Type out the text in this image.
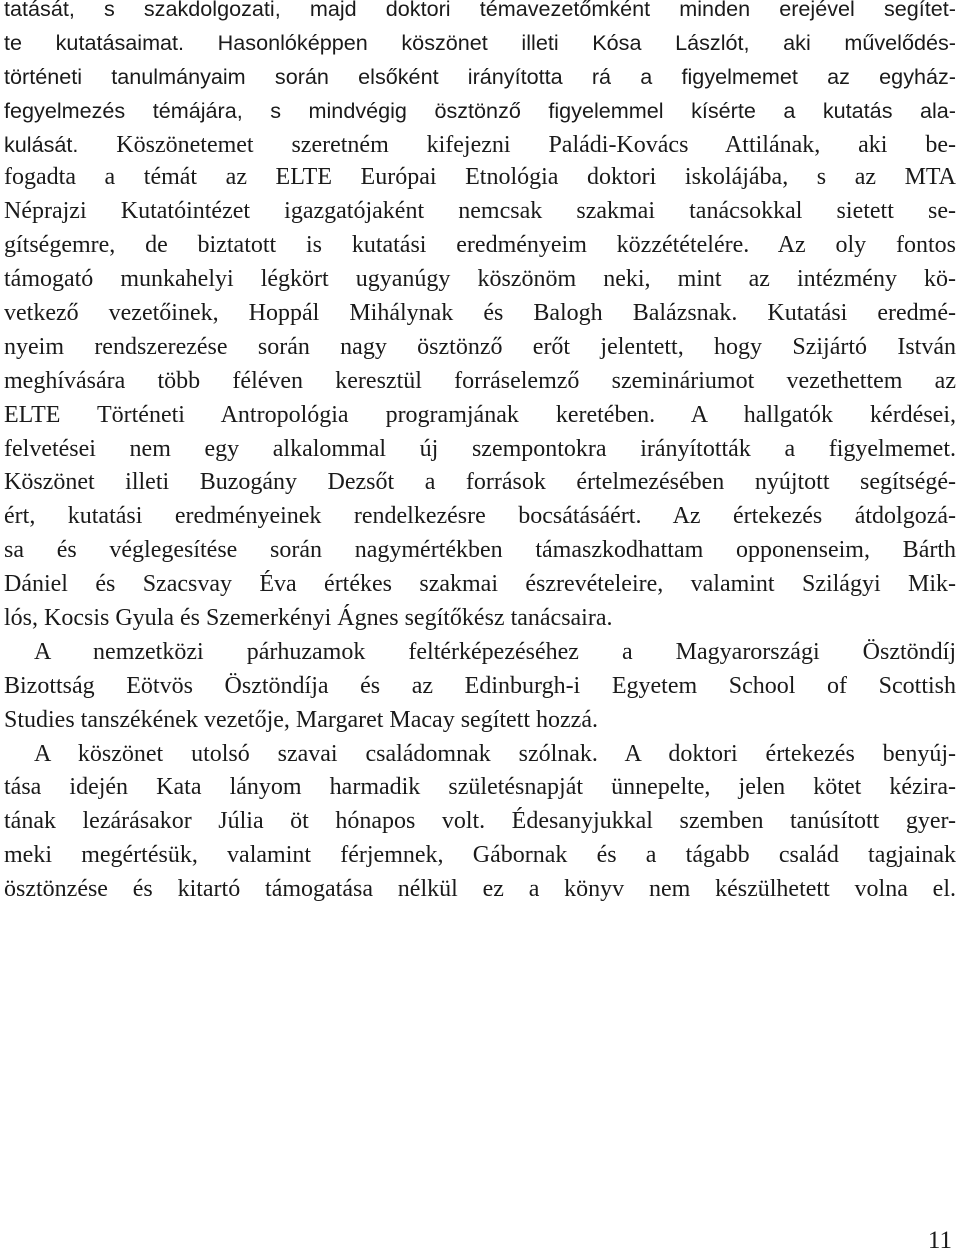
tatását, s szakdolgozati, majd doktori témavezetőmként minden erejével segítet-
te kutatásaimat. Hasonlóképpen köszönet illeti Kósa Lászlót, aki művelődés-
történeti tanulmányaim során elsőként irányította rá a figyelmemet az egyház-
fegyelmezés témájára, s mindvégig ösztönző figyelemmel kísérte a kutatás ala-
kulását. Köszönetemet szeretném kifejezni Paládi-Kovács Attilának, aki be-
fogadta a témát az ELTE Európai Etnológia doktori iskolájába, s az MTA
Néprajzi Kutatóintézet igazgatójaként nemcsak szakmai tanácsokkal sietett se-
gítségemre, de biztatott is kutatási eredményeim közzétételére. Az oly fontos
támogató munkahelyi légkört ugyanúgy köszönöm neki, mint az intézmény kö-
vetkező vezetőinek, Hoppál Mihálynak és Balogh Balázsnak. Kutatási eredmé-
nyeim rendszerezése során nagy ösztönző erőt jelentett, hogy Szijártó István
meghívására több féléven keresztül forráselemző szemináriumot vezethettem az
ELTE Történeti Antropológia programjának keretében. A hallgatók kérdései,
felvetései nem egy alkalommal új szempontokra irányították a figyelmemet.
Köszönet illeti Buzogány Dezsőt a források értelmezésében nyújtott segítségé-
ért, kutatási eredményeinek rendelkezésre bocsátásáért. Az értekezés átdolgozá-
sa és véglegesítése során nagymértékben támaszkodhattam opponenseim, Bárth
Dániel és Szacsvay Éva értékes szakmai észrevételeire, valamint Szilágyi Mik-
lós, Kocsis Gyula és Szemerkényi Ágnes segítőkész tanácsaira.
A nemzetközi párhuzamok feltérképezéséhez a Magyarországi Ösztöndíj
Bizottság Eötvös Ösztöndíja és az Edinburgh-i Egyetem School of Scottish
Studies tanszékének vezetője, Margaret Macay segített hozzá.
A köszönet utolsó szavai családomnak szólnak. A doktori értekezés benyúj-
tása idején Kata lányom harmadik születésnapját ünnepelte, jelen kötet kézira-
tának lezárásakor Júlia öt hónapos volt. Édesanyjukkal szemben tanúsított gyer-
meki megértésük, valamint férjemnek, Gábornak és a tágabb család tagjainak
ösztönzése és kitartó támogatása nélkül ez a könyv nem készülhetett volna el.
11
